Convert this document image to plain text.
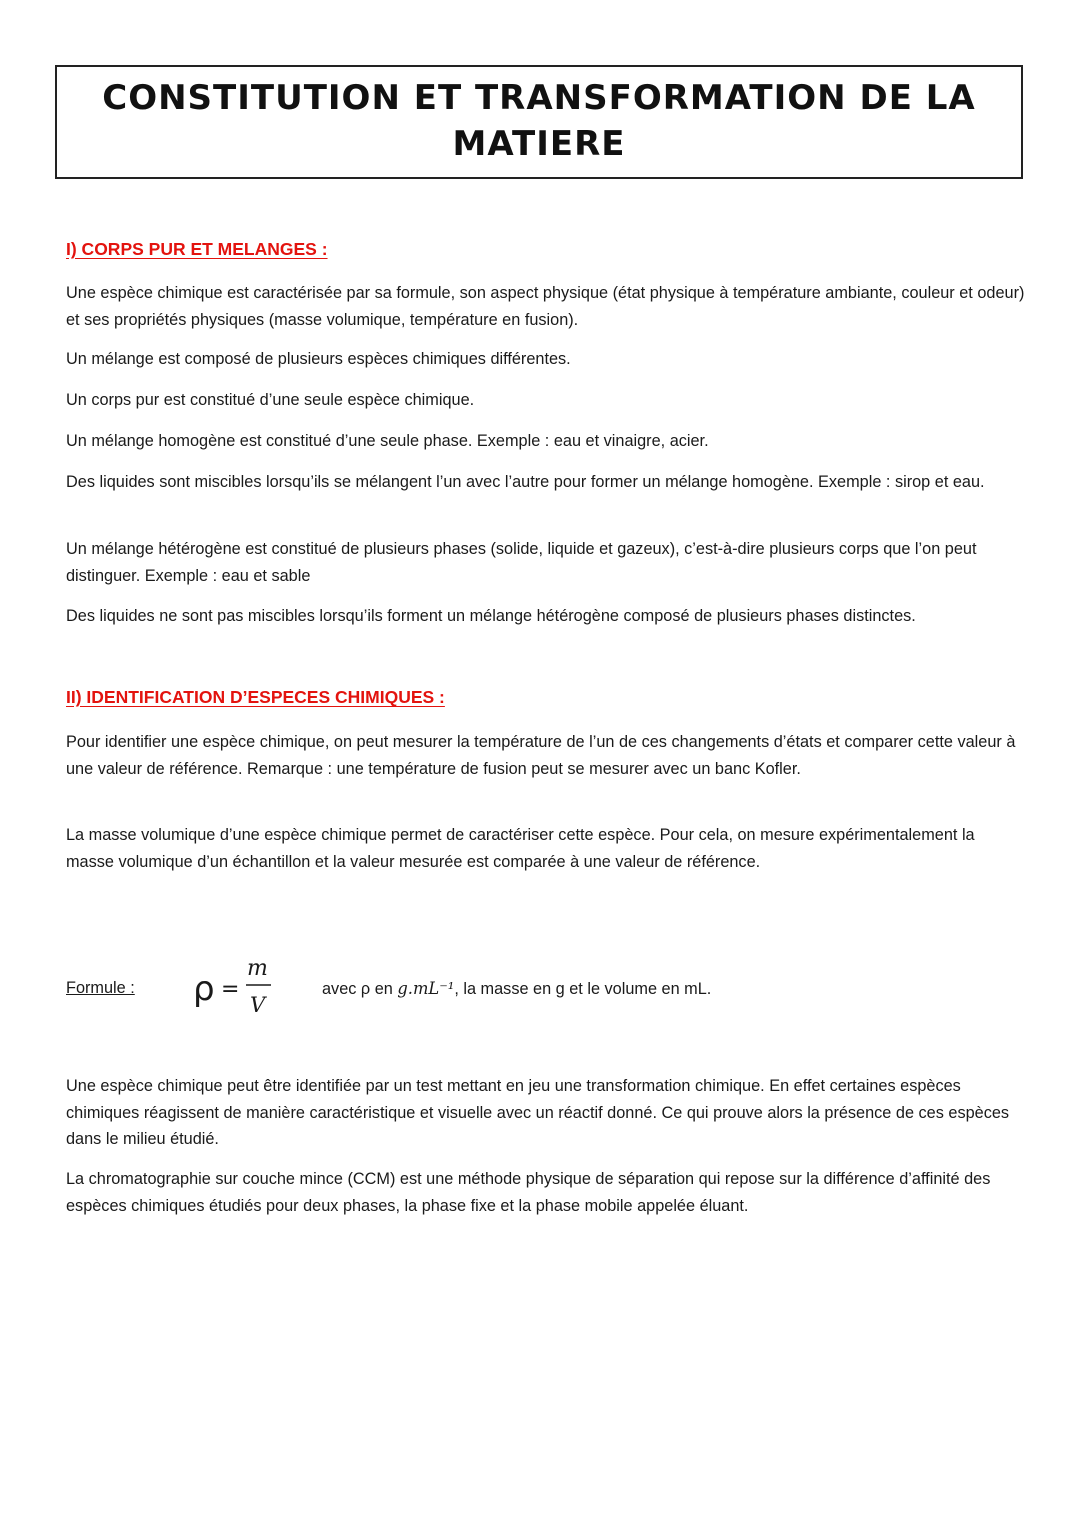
CONSTITUTION ET TRANSFORMATION DE LA
MATIERE
I) CORPS PUR ET MELANGES :

Une espèce chimique est caractérisée par sa formule, son aspect physique (état physique à température ambiante, couleur et odeur) et ses propriétés physiques (masse volumique, température en fusion).

Un mélange est composé de plusieurs espèces chimiques différentes.

Un corps pur est constitué d’une seule espèce chimique.

Un mélange homogène est constitué d’une seule phase. Exemple : eau et vinaigre, acier.

Des liquides sont miscibles lorsqu’ils se mélangent l’un avec l’autre pour former un mélange homogène. Exemple : sirop et eau.

Un mélange hétérogène est constitué de plusieurs phases (solide, liquide et gazeux), c’est-à-dire plusieurs corps que l’on peut distinguer. Exemple : eau et sable

Des liquides ne sont pas miscibles lorsqu’ils forment un mélange hétérogène composé de plusieurs phases distinctes.

II) IDENTIFICATION D’ESPECES CHIMIQUES :

Pour identifier une espèce chimique, on peut mesurer la température de l’un de ces changements d’états et comparer cette valeur à une valeur de référence. Remarque : une température de fusion peut se mesurer avec un banc Kofler.

La masse volumique d’une espèce chimique permet de caractériser cette espèce. Pour cela, on mesure expérimentalement la masse volumique d’un échantillon et la valeur mesurée est comparée à une valeur de référence.

Formule : ρ =
m
V
avec ρ en g.mL⁻¹, la masse en g et le volume en mL.

Une espèce chimique peut être identifiée par un test mettant en jeu une transformation chimique. En effet certaines espèces chimiques réagissent de manière caractéristique et visuelle avec un réactif donné. Ce qui prouve alors la présence de ces espèces dans le milieu étudié.

La chromatographie sur couche mince (CCM) est une méthode physique de séparation qui repose sur la différence d’affinité des espèces chimiques étudiés pour deux phases, la phase fixe et la phase mobile appelée éluant.
